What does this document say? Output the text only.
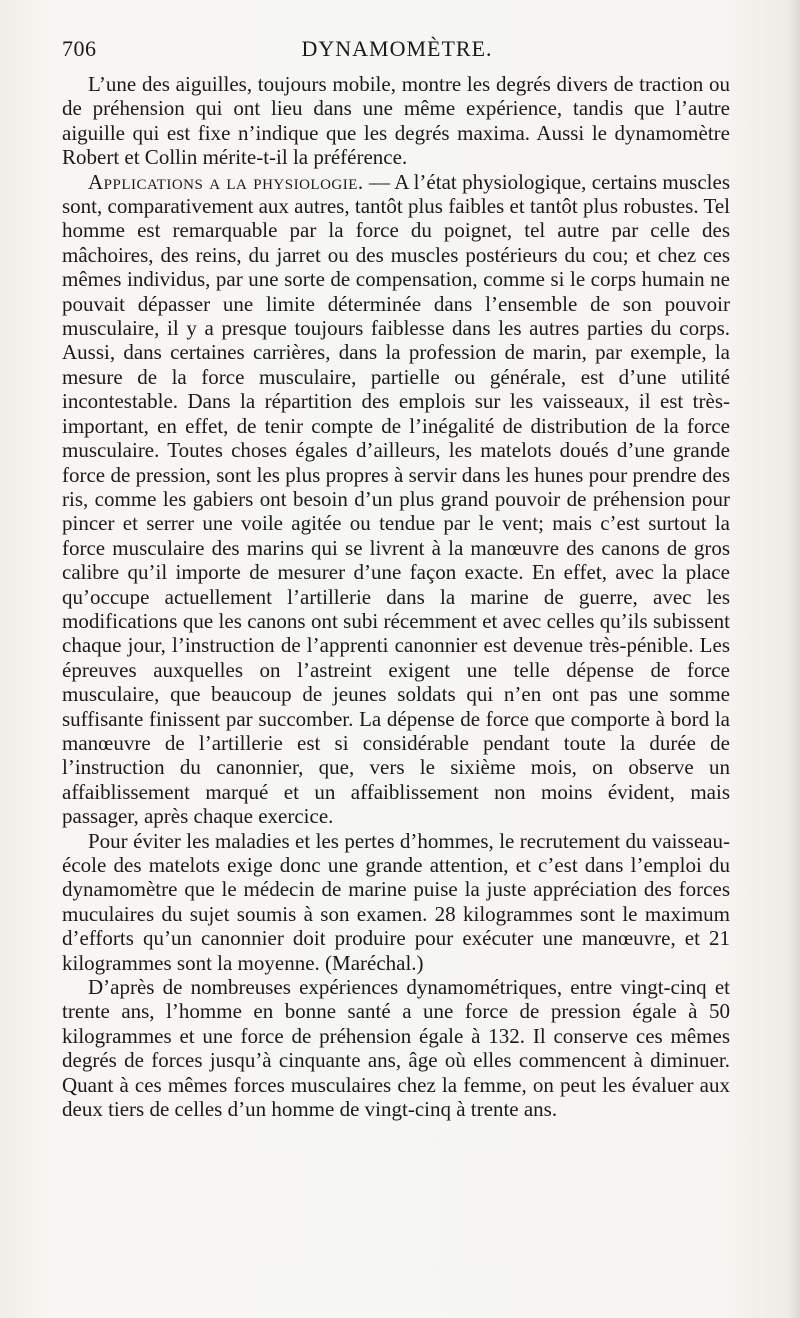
706	DYNAMOMÈTRE.

L’une des aiguilles, toujours mobile, montre les degrés divers de traction ou de préhension qui ont lieu dans une même expérience, tandis que l’autre aiguille qui est fixe n’indique que les degrés maxima. Aussi le dynamomètre Robert et Collin mérite-t-il la préférence.

Applications a la physiologie. — A l’état physiologique, certains muscles sont, comparativement aux autres, tantôt plus faibles et tantôt plus robustes. Tel homme est remarquable par la force du poignet, tel autre par celle des mâchoires, des reins, du jarret ou des muscles postérieurs du cou; et chez ces mêmes individus, par une sorte de compensation, comme si le corps humain ne pouvait dépasser une limite déterminée dans l’ensemble de son pouvoir musculaire, il y a presque toujours faiblesse dans les autres parties du corps. Aussi, dans certaines carrières, dans la profession de marin, par exemple, la mesure de la force musculaire, partielle ou générale, est d’une utilité incontestable. Dans la répartition des emplois sur les vaisseaux, il est très-important, en effet, de tenir compte de l’inégalité de distribution de la force musculaire. Toutes choses égales d’ailleurs, les matelots doués d’une grande force de pression, sont les plus propres à servir dans les hunes pour prendre des ris, comme les gabiers ont besoin d’un plus grand pouvoir de préhension pour pincer et serrer une voile agitée ou tendue par le vent; mais c’est surtout la force musculaire des marins qui se livrent à la manœuvre des canons de gros calibre qu’il importe de mesurer d’une façon exacte. En effet, avec la place qu’occupe actuellement l’artillerie dans la marine de guerre, avec les modifications que les canons ont subi récemment et avec celles qu’ils subissent chaque jour, l’instruction de l’apprenti canonnier est devenue très-pénible. Les épreuves auxquelles on l’astreint exigent une telle dépense de force musculaire, que beaucoup de jeunes soldats qui n’en ont pas une somme suffisante finissent par succomber. La dépense de force que comporte à bord la manœuvre de l’artillerie est si considérable pendant toute la durée de l’instruction du canonnier, que, vers le sixième mois, on observe un affaiblissement marqué et un affaiblissement non moins évident, mais passager, après chaque exercice.

Pour éviter les maladies et les pertes d’hommes, le recrutement du vaisseau-école des matelots exige donc une grande attention, et c’est dans l’emploi du dynamomètre que le médecin de marine puise la juste appréciation des forces muculaires du sujet soumis à son examen. 28 kilogrammes sont le maximum d’efforts qu’un canonnier doit produire pour exécuter une manœuvre, et 21 kilogrammes sont la moyenne. (Maréchal.)

D’après de nombreuses expériences dynamométriques, entre vingt-cinq et trente ans, l’homme en bonne santé a une force de pression égale à 50 kilogrammes et une force de préhension égale à 132. Il conserve ces mêmes degrés de forces jusqu’à cinquante ans, âge où elles commencent à diminuer. Quant à ces mêmes forces musculaires chez la femme, on peut les évaluer aux deux tiers de celles d’un homme de vingt-cinq à trente ans.
